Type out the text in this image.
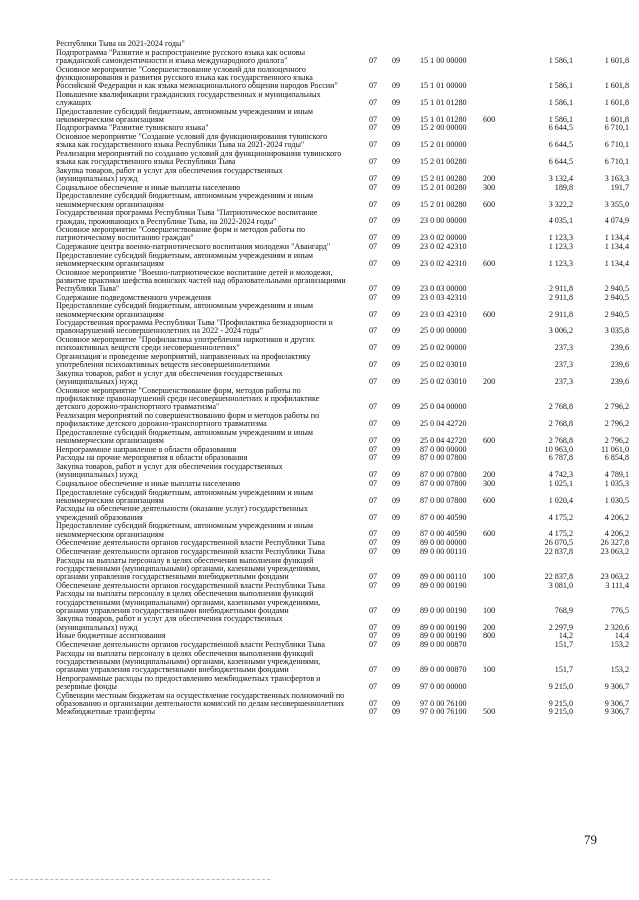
Республики Тыва на 2021-2024 годы"
Подпрограмма "Развитие и распространение русского языка как основы
гражданской самоидентичности и языка международного диалога"	07	09	15 1 00 00000	1 586,1	1 601,8
Основное мероприятие "Совершенствование условий для полноценного
функционирования и развития русского языка как государственного языка
Российской Федерации и как языка межнационального общения народов России"	07	09	15 1 01 00000	1 586,1	1 601,8
Повышение квалификации гражданских государственных и муниципальных
служащих	07	09	15 1 01 01280	1 586,1	1 601,8
Предоставление субсидий бюджетным, автономным учреждениям и иным
некоммерческим организациям	07	09	15 1 01 01280	600	1 586,1	1 601,8
Подпрограмма "Развитие тувинского языка"	07	09	15 2 00 00000	6 644,5	6 710,1
Основное мероприятие "Создание условий для функционирования тувинского
языка как государственного языка Республики Тыва на 2021-2024 годы"	07	09	15 2 01 00000	6 644,5	6 710,1
Реализация мероприятий по созданию условий для функционирования тувинского
языка как государственного языка Республики Тыва	07	09	15 2 01 00280	6 644,5	6 710,1
Закупка товаров, работ и услуг для обеспечения государственных
(муниципальных) нужд	07	09	15 2 01 00280	200	3 132,4	3 163,3
Социальное обеспечение и иные выплаты населению	07	09	15 2 01 00280	300	189,8	191,7
Предоставление субсидий бюджетным, автономным учреждениям и иным
некоммерческим организациям	07	09	15 2 01 00280	600	3 322,2	3 355,0
Государственная программа Республики Тыва "Патриотическое воспитание
граждан, проживающих в Республике Тыва, на 2022-2024 годы"	07	09	23 0 00 00000	4 035,1	4 074,9
Основное мероприятие "Совершенствование форм и методов работы по
патриотическому воспитанию граждан"	07	09	23 0 02 00000	1 123,3	1 134,4
Содержание центра военно-патриотического воспитания молодежи "Авангард"	07	09	23 0 02 42310	1 123,3	1 134,4
Предоставление субсидий бюджетным, автономным учреждениям и иным
некоммерческим организациям	07	09	23 0 02 42310	600	1 123,3	1 134,4
Основное мероприятие "Военно-патриотическое воспитание детей и молодежи,
развитие практики шефства воинских частей над образовательными организациями
Республики Тыва"	07	09	23 0 03 00000	2 911,8	2 940,5
Содержание подведомственного учреждения	07	09	23 0 03 42310	2 911,8	2 940,5
Предоставление субсидий бюджетным, автономным учреждениям и иным
некоммерческим организациям	07	09	23 0 03 42310	600	2 911,8	2 940,5
Государственная программа Республики Тыва "Профилактика безнадзорности и
правонарушений несовершеннолетних на 2022 - 2024 годы"	07	09	25 0 00 00000	3 006,2	3 035,8
Основное мероприятие "Профилактика употребления наркотиков и других
психоактивных веществ среди несовершеннолетних"	07	09	25 0 02 00000	237,3	239,6
Организация и проведение мероприятий, направленных на профилактику
употребления психоактивных веществ несовершеннолетними	07	09	25 0 02 03010	237,3	239,6
Закупка товаров, работ и услуг для обеспечения государственных
(муниципальных) нужд	07	09	25 0 02 03010	200	237,3	239,6
Основное мероприятие "Совершенствование форм, методов работы по
профилактике правонарушений среди несовершеннолетних и профилактике
детского дорожно-транспортного травматизма"	07	09	25 0 04 00000	2 768,8	2 796,2
Реализация мероприятий по совершенствованию форм и методов работы по
профилактике детского дорожно-транспортного травматизма	07	09	25 0 04 42720	2 768,8	2 796,2
Предоставление субсидий бюджетным, автономным учреждениям и иным
некоммерческим организациям	07	09	25 0 04 42720	600	2 768,8	2 796,2
Непрограммное направление в области образования	07	09	87 0 00 00000	10 963,0	11 061,0
Расходы на прочие мероприятия в области образования	07	09	87 0 00 07800	6 787,8	6 854,8
Закупка товаров, работ и услуг для обеспечения государственных
(муниципальных) нужд	07	09	87 0 00 07800	200	4 742,3	4 789,1
Социальное обеспечение и иные выплаты населению	07	09	87 0 00 07800	300	1 025,1	1 035,3
Предоставление субсидий бюджетным, автономным учреждениям и иным
некоммерческим организациям	07	09	87 0 00 07800	600	1 020,4	1 030,5
Расходы на обеспечение деятельности (оказание услуг) государственных
учреждений образования	07	09	87 0 00 40590	4 175,2	4 206,2
Предоставление субсидий бюджетным, автономным учреждениям и иным
некоммерческим организациям	07	09	87 0 00 40590	600	4 175,2	4 206,2
Обеспечение деятельности органов государственной власти Республики Тыва	07	09	89 0 00 00000	26 070,5	26 327,8
Обеспечение деятельности органов государственной власти Республики Тыва	07	09	89 0 00 00110	22 837,8	23 063,2
Расходы на выплаты персоналу в целях обеспечения выполнения функций
государственными (муниципальными) органами, казенными учреждениями,
органами управления государственными внебюджетными фондами	07	09	89 0 00 00110	100	22 837,8	23 063,2
Обеспечение деятельности органов государственной власти Республики Тыва	07	09	89 0 00 00190	3 081,0	3 111,4
Расходы на выплаты персоналу в целях обеспечения выполнения функций
государственными (муниципальными) органами, казенными учреждениями,
органами управления государственными внебюджетными фондами	07	09	89 0 00 00190	100	768,9	776,5
Закупка товаров, работ и услуг для обеспечения государственных
(муниципальных) нужд	07	09	89 0 00 00190	200	2 297,9	2 320,6
Иные бюджетные ассигнования	07	09	89 0 00 00190	800	14,2	14,4
Обеспечение деятельности органов государственной власти Республики Тыва	07	09	89 0 00 00870	151,7	153,2
Расходы на выплаты персоналу в целях обеспечения выполнения функций
государственными (муниципальными) органами, казенными учреждениями,
органами управления государственными внебюджетными фондами	07	09	89 0 00 00870	100	151,7	153,2
Непрограммные расходы по предоставлению межбюджетных трансфертов и
резервные фонды	07	09	97 0 00 00000	9 215,0	9 306,7
Субвенции местным бюджетам на осуществление государственных полномочий по
образованию и организации деятельности комиссий по делам несовершеннолетних	07	09	97 0 00 76100	9 215,0	9 306,7
Межбюджетные трансферты	07	09	97 0 00 76100	500	9 215,0	9 306,7
79
